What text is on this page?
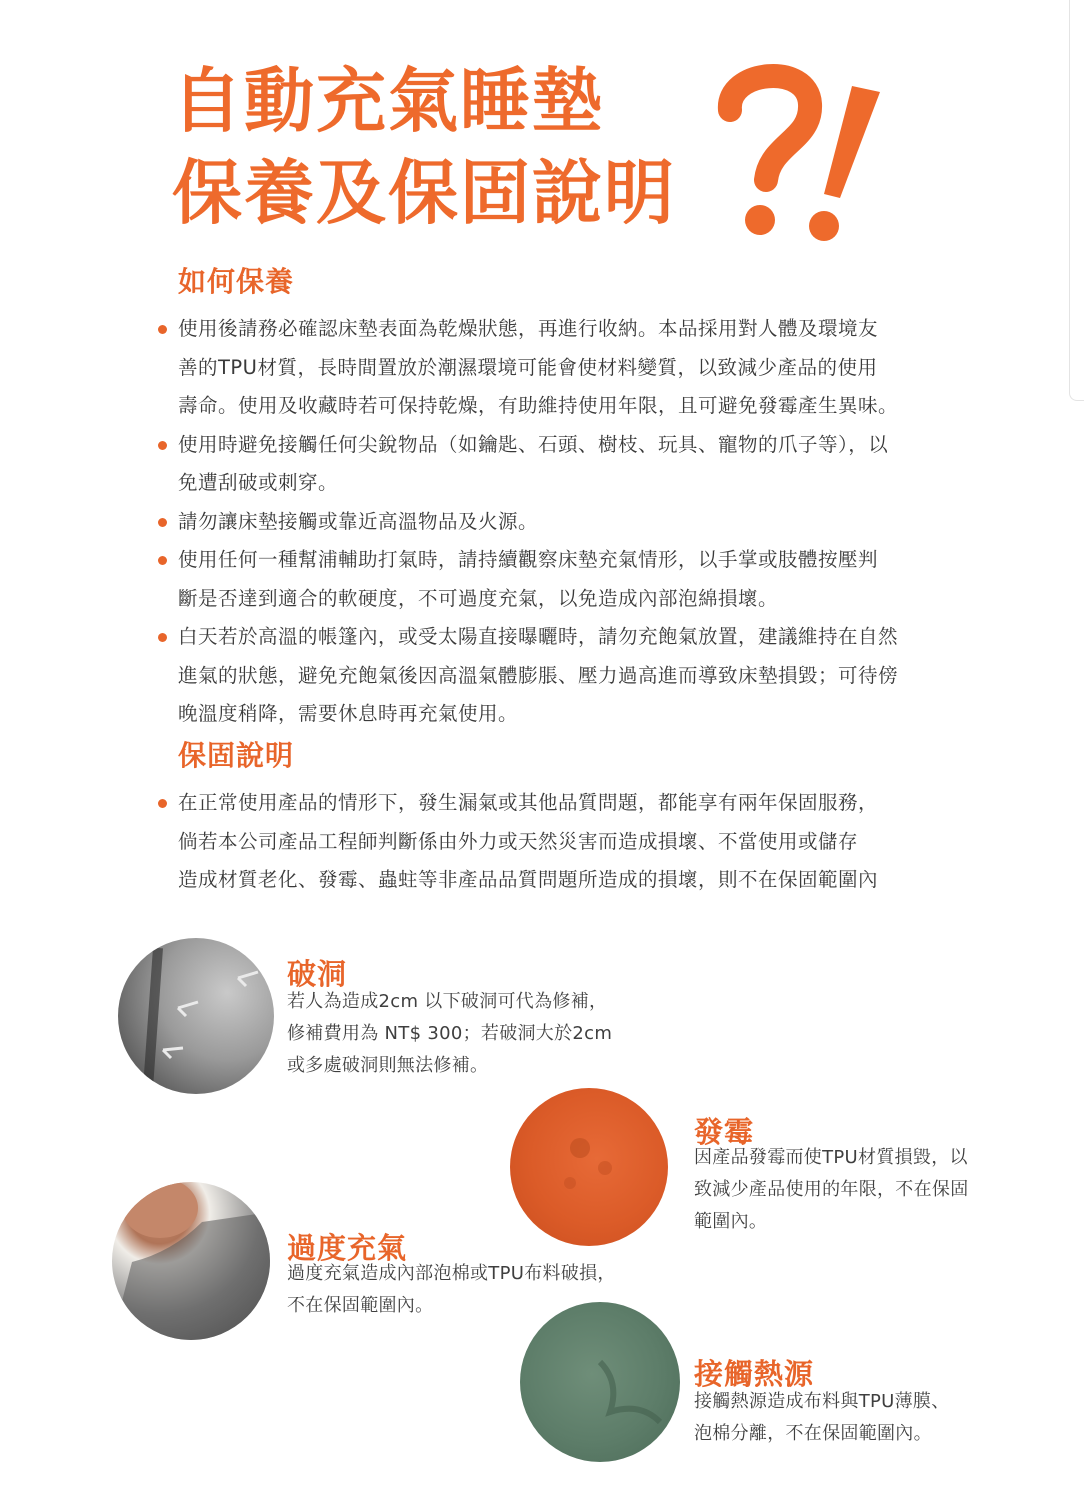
自動充氣睡墊
保養及保固說明
如何保養
使用後請務必確認床墊表面為乾燥狀態，再進行收納。本品採用對人體及環境友
善的TPU材質，長時間置放於潮濕環境可能會使材料變質，以致減少產品的使用
壽命。使用及收藏時若可保持乾燥，有助維持使用年限，且可避免發霉產生異味。
使用時避免接觸任何尖銳物品（如鑰匙、石頭、樹枝、玩具、寵物的爪子等），以
免遭刮破或刺穿。
請勿讓床墊接觸或靠近高溫物品及火源。
使用任何一種幫浦輔助打氣時，請持續觀察床墊充氣情形，以手掌或肢體按壓判
斷是否達到適合的軟硬度，不可過度充氣，以免造成內部泡綿損壞。
白天若於高溫的帳篷內，或受太陽直接曝曬時，請勿充飽氣放置，建議維持在自然
進氣的狀態，避免充飽氣後因高溫氣體膨脹、壓力過高進而導致床墊損毀；可待傍
晚溫度稍降，需要休息時再充氣使用。
保固說明
在正常使用產品的情形下，發生漏氣或其他品質問題，都能享有兩年保固服務，
倘若本公司產品工程師判斷係由外力或天然災害而造成損壞、不當使用或儲存
造成材質老化、發霉、蟲蛀等非產品品質問題所造成的損壞，則不在保固範圍內
破洞
若人為造成2cm 以下破洞可代為修補，
修補費用為 NT$ 300；若破洞大於2cm
或多處破洞則無法修補。
發霉
因產品發霉而使TPU材質損毀，以
致減少產品使用的年限，不在保固
範圍內。
過度充氣
過度充氣造成內部泡棉或TPU布料破損，
不在保固範圍內。
接觸熱源
接觸熱源造成布料與TPU薄膜、
泡棉分離，不在保固範圍內。
